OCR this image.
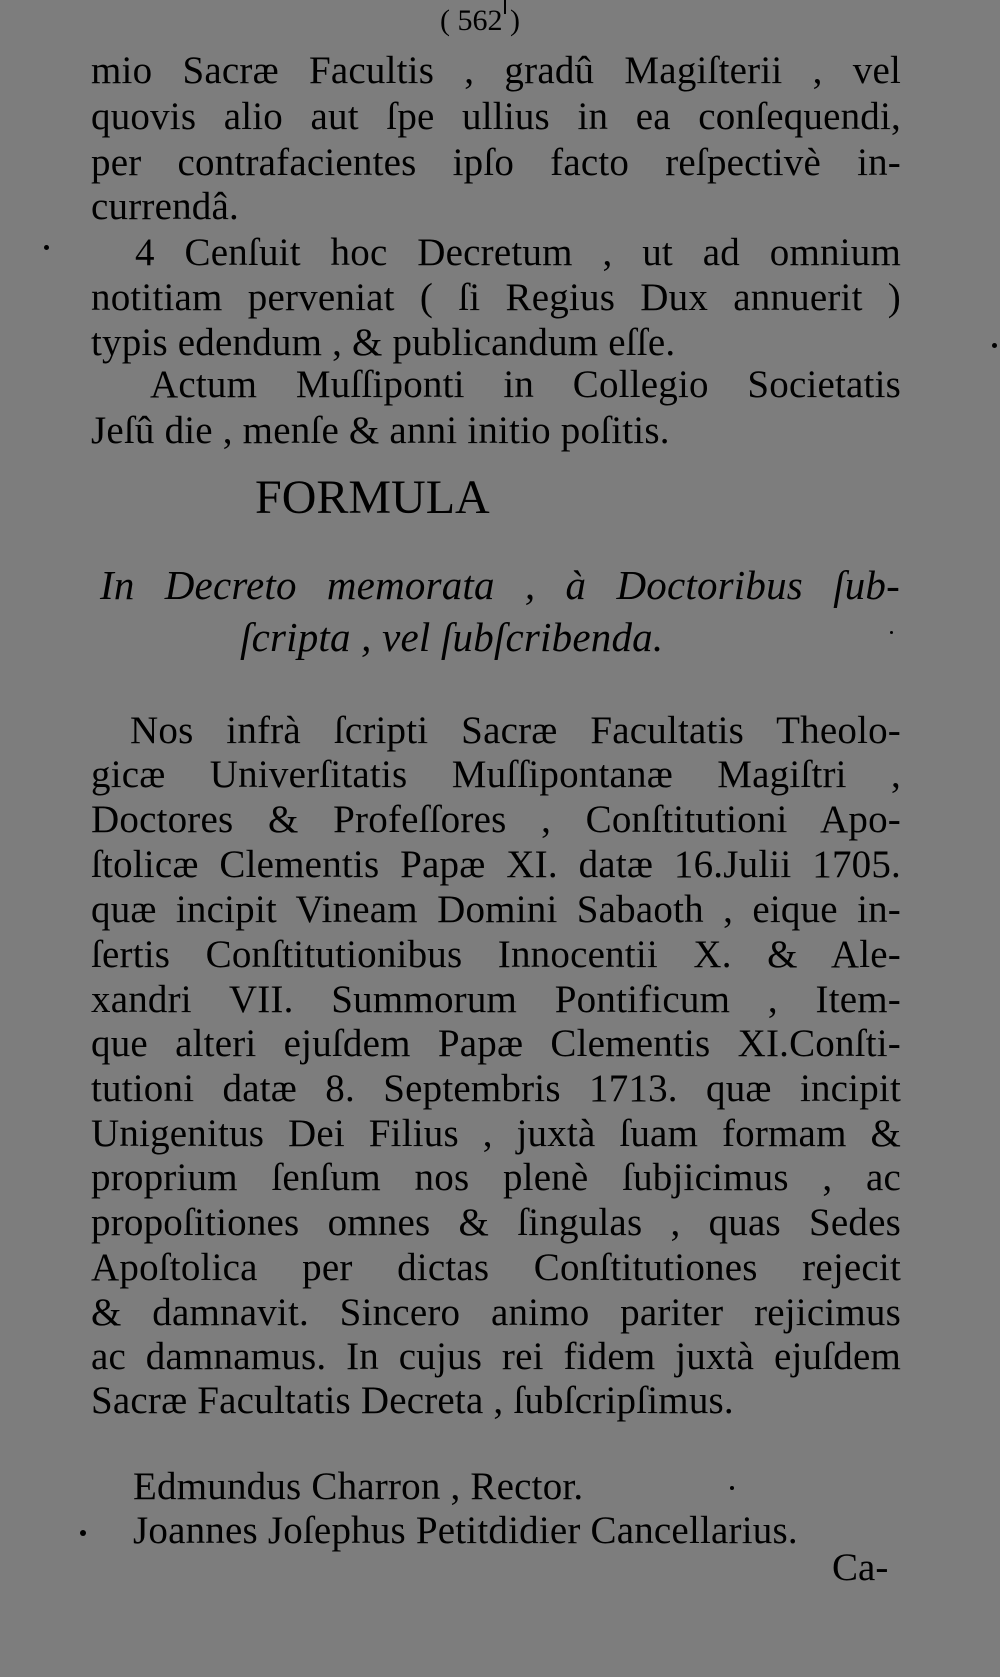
( 562 )
mio Sacræ Facultis , gradû Magiſterii , vel
quovis alio aut ſpe ullius in ea conſequendi,
per contrafacientes ipſo facto reſpectivè in-
currendâ.
4 Cenſuit hoc Decretum , ut ad omnium
notitiam perveniat ( ſi Regius Dux annuerit )
typis edendum , & publicandum eſſe.
Actum Muſſiponti in Collegio Societatis
Jeſû die , menſe & anni initio poſitis.
FORMULA
In Decreto memorata , à Doctoribus ſub-
ſcripta , vel ſubſcribenda.
Nos infrà ſcripti Sacræ Facultatis Theolo-
gicæ Univerſitatis Muſſipontanæ Magiſtri ,
Doctores & Profeſſores , Conſtitutioni Apo-
ſtolicæ Clementis Papæ XI. datæ 16.Julii 1705.
quæ incipit Vineam Domini Sabaoth , eique in-
ſertis Conſtitutionibus Innocentii X. & Ale-
xandri VII. Summorum Pontificum , Item-
que alteri ejuſdem Papæ Clementis XI.Conſti-
tutioni datæ 8. Septembris 1713. quæ incipit
Unigenitus Dei Filius , juxtà ſuam formam &
proprium ſenſum nos plenè ſubjicimus , ac
propoſitiones omnes & ſingulas , quas Sedes
Apoſtolica per dictas Conſtitutiones rejecit
& damnavit. Sincero animo pariter rejicimus
ac damnamus. In cujus rei fidem juxtà ejuſdem
Sacræ Facultatis Decreta , ſubſcripſimus.
Edmundus Charron , Rector.
Joannes Joſephus Petitdidier Cancellarius.
Ca-
